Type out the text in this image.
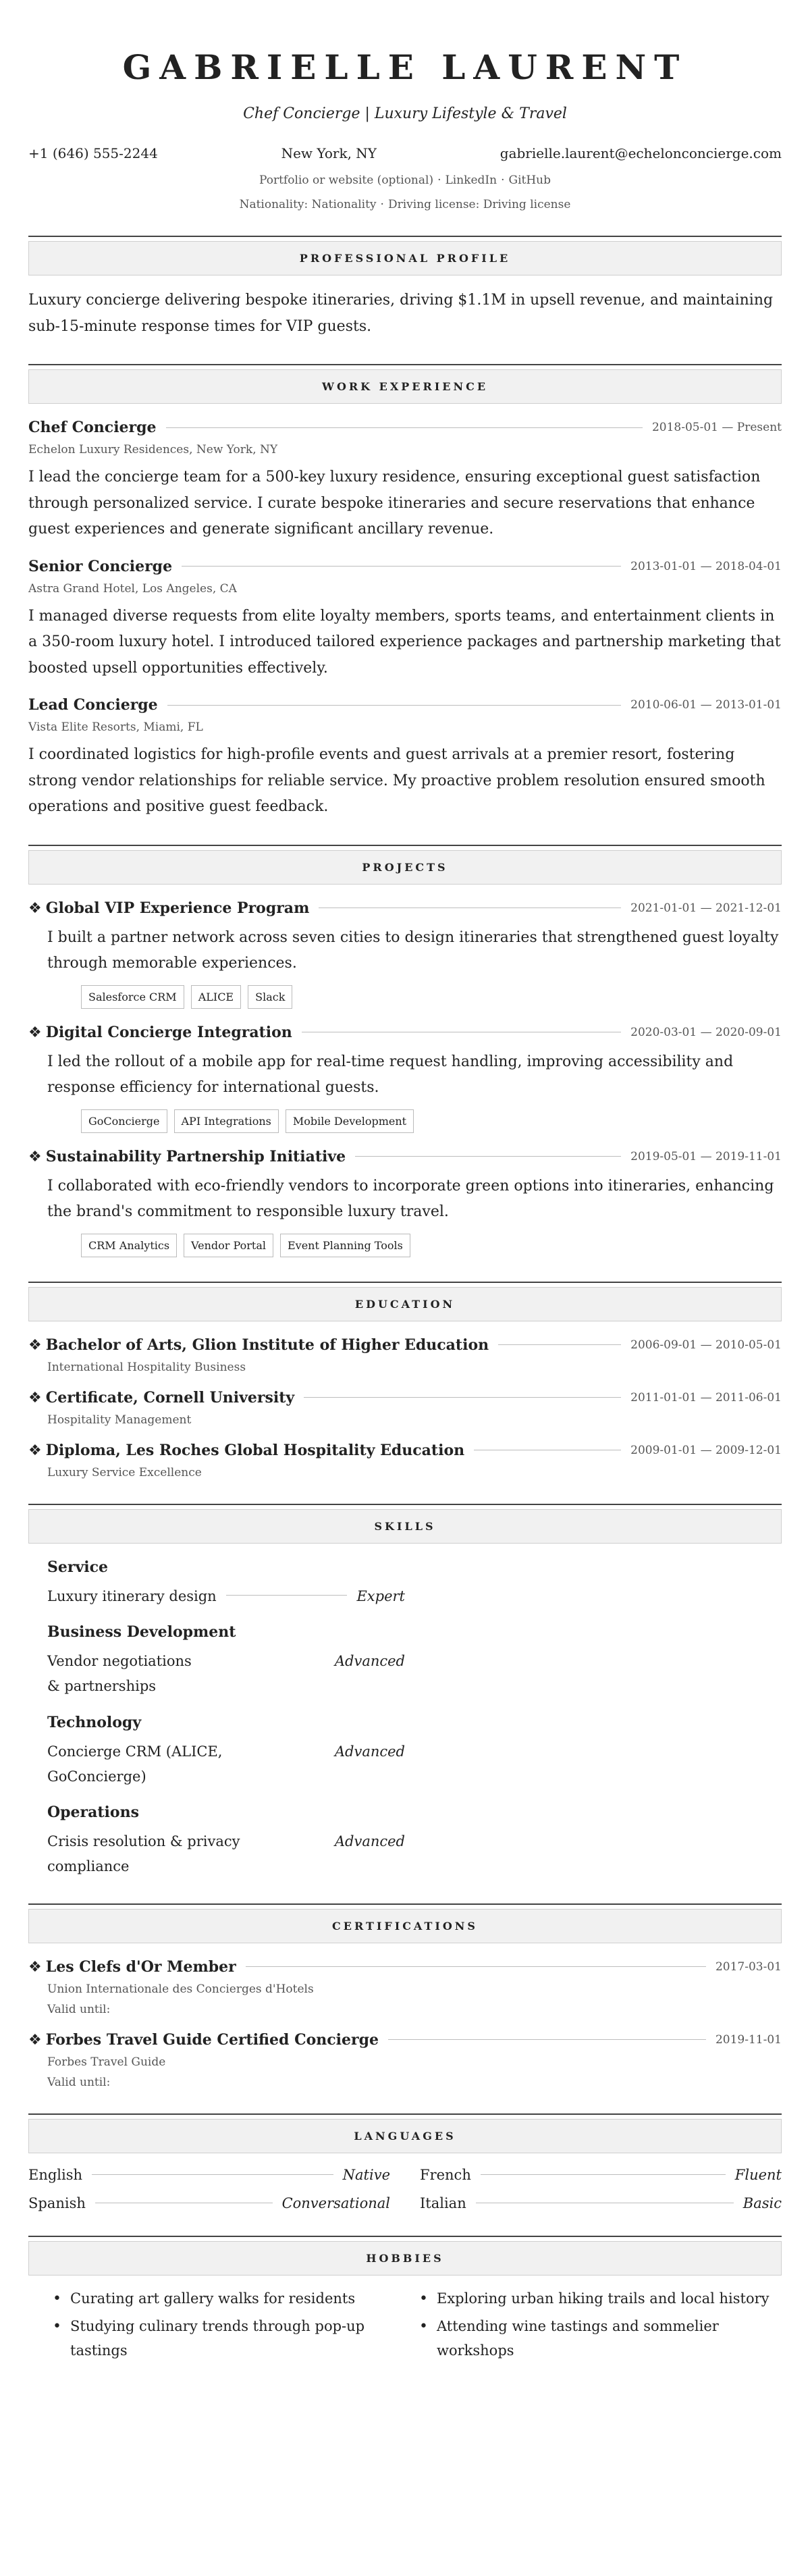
GABRIELLE LAURENT
Chef Concierge | Luxury Lifestyle & Travel
+1 (646) 555-2244	New York, NY	gabrielle.laurent@echelonconcierge.com
Portfolio or website (optional) · LinkedIn · GitHub
Nationality: Nationality · Driving license: Driving license
PROFESSIONAL PROFILE

Luxury concierge delivering bespoke itineraries, driving $1.1M in upsell revenue, and maintaining sub-15-minute response times for VIP guests.

WORK EXPERIENCE
Chef Concierge	2018-05-01 — Present
Echelon Luxury Residences, New York, NY

I lead the concierge team for a 500-key luxury residence, ensuring exceptional guest satisfaction through personalized service. I curate bespoke itineraries and secure reservations that enhance guest experiences and generate significant ancillary revenue.

Senior Concierge	2013-01-01 — 2018-04-01
Astra Grand Hotel, Los Angeles, CA

I managed diverse requests from elite loyalty members, sports teams, and entertainment clients in a 350-room luxury hotel. I introduced tailored experience packages and partnership marketing that boosted upsell opportunities effectively.

Lead Concierge	2010-06-01 — 2013-01-01
Vista Elite Resorts, Miami, FL

I coordinated logistics for high-profile events and guest arrivals at a premier resort, fostering strong vendor relationships for reliable service. My proactive problem resolution ensured smooth operations and positive guest feedback.

PROJECTS
❖ Global VIP Experience Program	2021-01-01 — 2021-12-01

I built a partner network across seven cities to design itineraries that strengthened guest loyalty through memorable experiences.

Salesforce CRM	ALICE	Slack
❖ Digital Concierge Integration	2020-03-01 — 2020-09-01

I led the rollout of a mobile app for real-time request handling, improving accessibility and response efficiency for international guests.

GoConcierge	API Integrations	Mobile Development
❖ Sustainability Partnership Initiative	2019-05-01 — 2019-11-01

I collaborated with eco-friendly vendors to incorporate green options into itineraries, enhancing the brand's commitment to responsible luxury travel.

CRM Analytics	Vendor Portal	Event Planning Tools
EDUCATION
❖ Bachelor of Arts, Glion Institute of Higher Education	2006-09-01 — 2010-05-01
International Hospitality Business
❖ Certificate, Cornell University	2011-01-01 — 2011-06-01
Hospitality Management
❖ Diploma, Les Roches Global Hospitality Education	2009-01-01 — 2009-12-01
Luxury Service Excellence
SKILLS
Service
Luxury itinerary design	Expert
Business Development
Vendor negotiations & partnerships
Advanced
Technology
Concierge CRM (ALICE, GoConcierge)
Advanced
Operations
Crisis resolution & privacy compliance
Advanced
CERTIFICATIONS
❖ Les Clefs d'Or Member	2017-03-01
Union Internationale des Concierges d'Hotels
Valid until:
❖ Forbes Travel Guide Certified Concierge	2019-11-01
Forbes Travel Guide
Valid until:
LANGUAGES
English	Native French	Fluent
Spanish	Conversational Italian	Basic
HOBBIES
• Curating art gallery walks for residents
• Studying culinary trends through pop-up tastings
• Exploring urban hiking trails and local history
• Attending wine tastings and sommelier workshops
